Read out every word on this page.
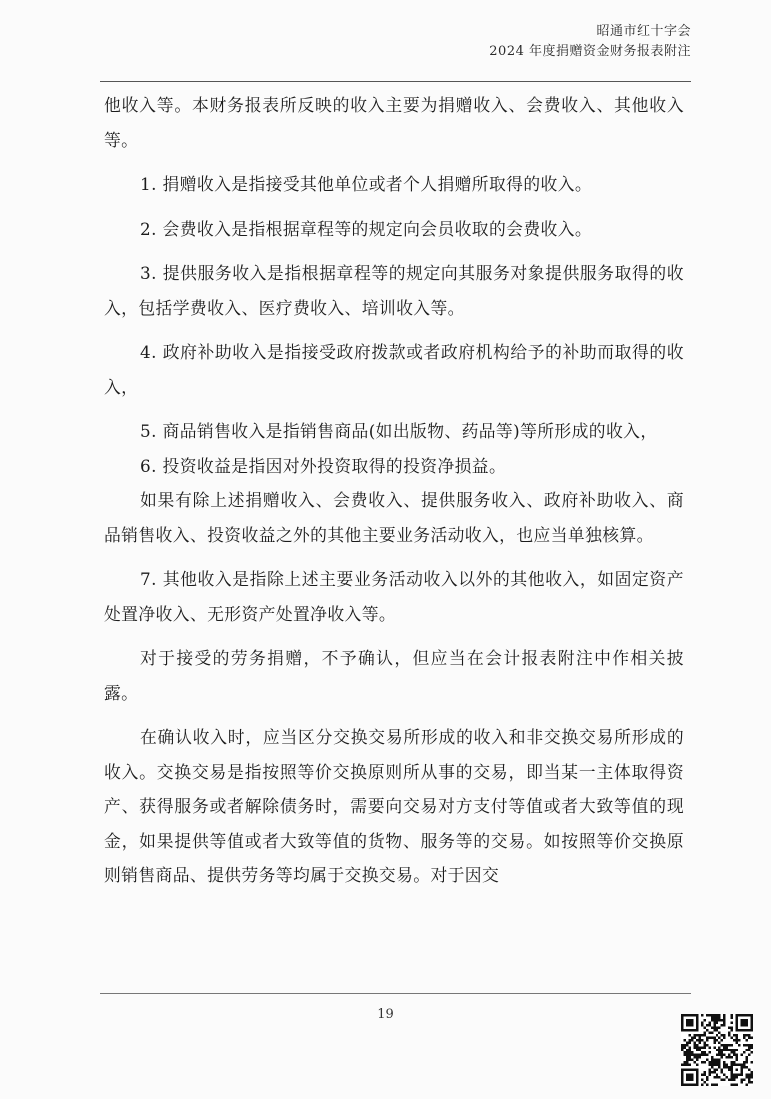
昭通市红十字会
2024 年度捐赠资金财务报表附注

他收入等。本财务报表所反映的收入主要为捐赠收入、会费收入、其他收入等。

1. 捐赠收入是指接受其他单位或者个人捐赠所取得的收入。

2. 会费收入是指根据章程等的规定向会员收取的会费收入。

3. 提供服务收入是指根据章程等的规定向其服务对象提供服务取得的收入，包括学费收入、医疗费收入、培训收入等。

4. 政府补助收入是指接受政府拨款或者政府机构给予的补助而取得的收入，

5. 商品销售收入是指销售商品(如出版物、药品等)等所形成的收入，

6. 投资收益是指因对外投资取得的投资净损益。

如果有除上述捐赠收入、会费收入、提供服务收入、政府补助收入、商品销售收入、投资收益之外的其他主要业务活动收入，也应当单独核算。

7. 其他收入是指除上述主要业务活动收入以外的其他收入，如固定资产处置净收入、无形资产处置净收入等。

对于接受的劳务捐赠，不予确认，但应当在会计报表附注中作相关披露。

在确认收入时，应当区分交换交易所形成的收入和非交换交易所形成的收入。交换交易是指按照等价交换原则所从事的交易，即当某一主体取得资产、获得服务或者解除债务时，需要向交易对方支付等值或者大致等值的现金，如果提供等值或者大致等值的货物、服务等的交易。如按照等价交换原则销售商品、提供劳务等均属于交换交易。对于因交

19
